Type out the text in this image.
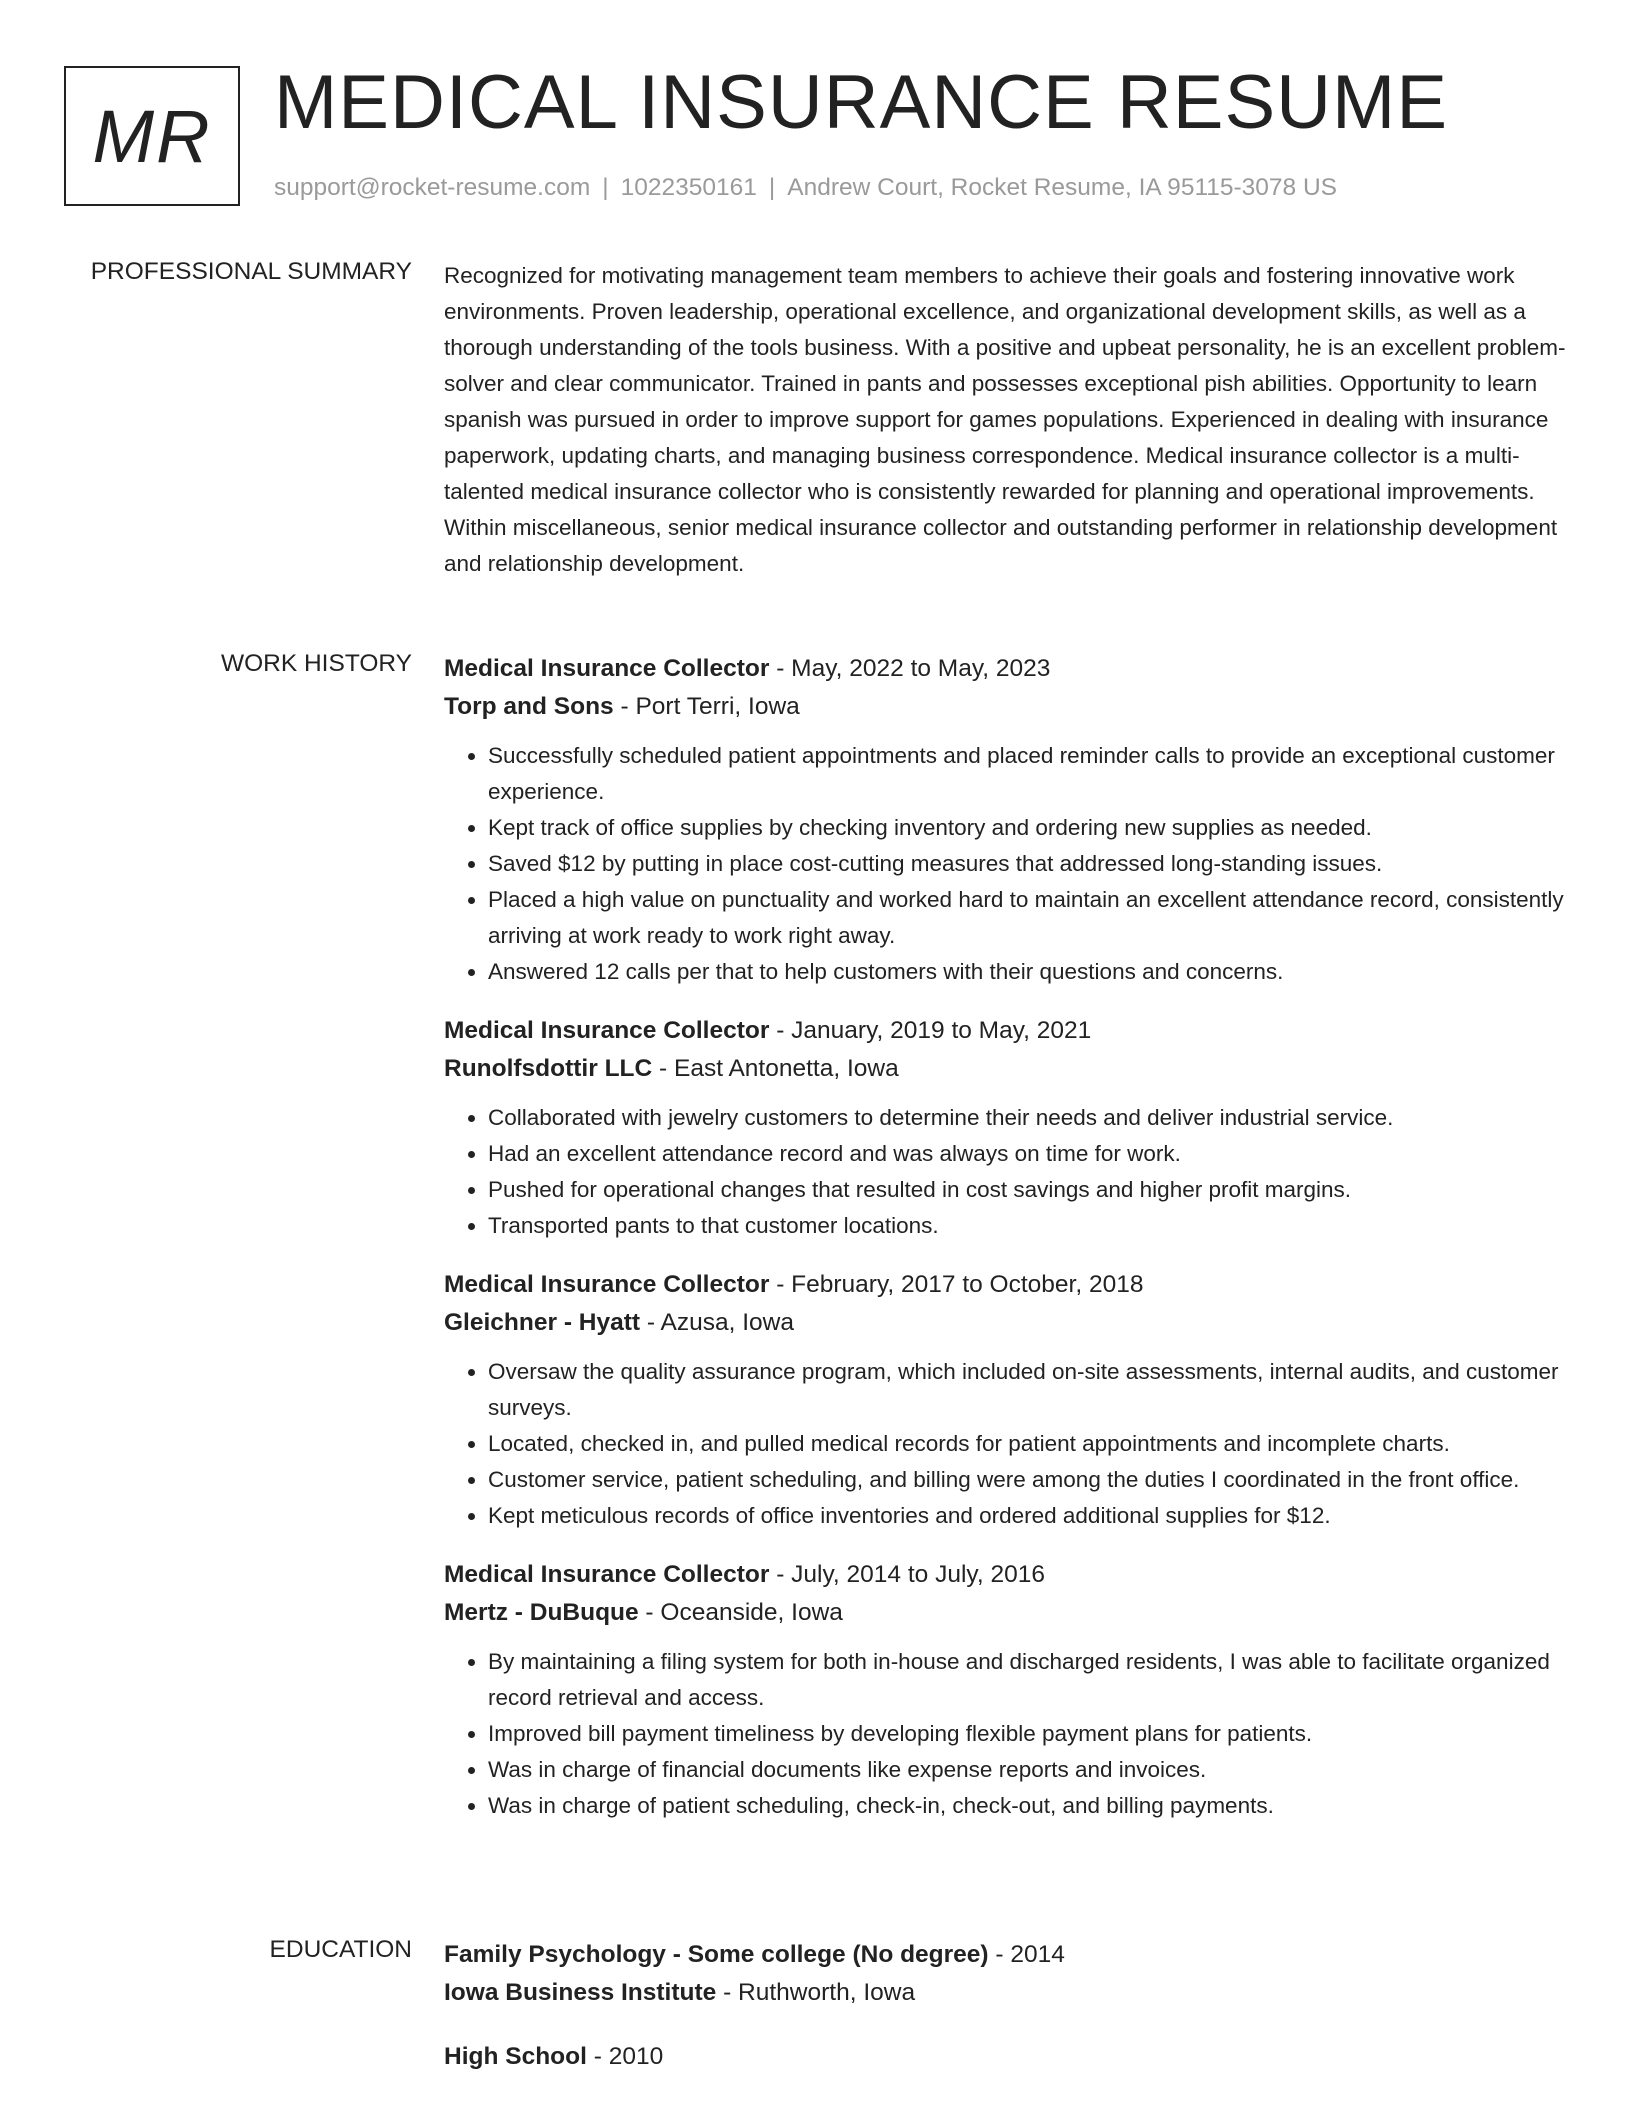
MR MEDICAL INSURANCE RESUME
support@rocket-resume.com | 1022350161 | Andrew Court, Rocket Resume, IA 95115-3078 US
PROFESSIONAL SUMMARY Recognized for motivating management team members to achieve their goals and fostering innovative work environments. Proven leadership, operational excellence, and organizational development skills, as well as a thorough understanding of the tools business. With a positive and upbeat personality, he is an excellent problem-solver and clear communicator. Trained in pants and possesses exceptional pish abilities. Opportunity to learn spanish was pursued in order to improve support for games populations. Experienced in dealing with insurance paperwork, updating charts, and managing business correspondence. Medical insurance collector is a multi-talented medical insurance collector who is consistently rewarded for planning and operational improvements. Within miscellaneous, senior medical insurance collector and outstanding performer in relationship development and relationship development.

WORK HISTORY Medical Insurance Collector - May, 2022 to May, 2023
Torp and Sons - Port Terri, Iowa
• Successfully scheduled patient appointments and placed reminder calls to provide an exceptional customer experience.
• Kept track of office supplies by checking inventory and ordering new supplies as needed.
• Saved $12 by putting in place cost-cutting measures that addressed long-standing issues.
• Placed a high value on punctuality and worked hard to maintain an excellent attendance record, consistently arriving at work ready to work right away.
• Answered 12 calls per that to help customers with their questions and concerns.
Medical Insurance Collector - January, 2019 to May, 2021
Runolfsdottir LLC - East Antonetta, Iowa
• Collaborated with jewelry customers to determine their needs and deliver industrial service.
• Had an excellent attendance record and was always on time for work.
• Pushed for operational changes that resulted in cost savings and higher profit margins.
• Transported pants to that customer locations.
Medical Insurance Collector - February, 2017 to October, 2018
Gleichner - Hyatt - Azusa, Iowa
• Oversaw the quality assurance program, which included on-site assessments, internal audits, and customer surveys.
• Located, checked in, and pulled medical records for patient appointments and incomplete charts.
• Customer service, patient scheduling, and billing were among the duties I coordinated in the front office.
• Kept meticulous records of office inventories and ordered additional supplies for $12.
Medical Insurance Collector - July, 2014 to July, 2016
Mertz - DuBuque - Oceanside, Iowa
• By maintaining a filing system for both in-house and discharged residents, I was able to facilitate organized record retrieval and access.
• Improved bill payment timeliness by developing flexible payment plans for patients.
• Was in charge of financial documents like expense reports and invoices.
• Was in charge of patient scheduling, check-in, check-out, and billing payments.
EDUCATION Family Psychology - Some college (No degree) - 2014
Iowa Business Institute - Ruthworth, Iowa
High School - 2010
